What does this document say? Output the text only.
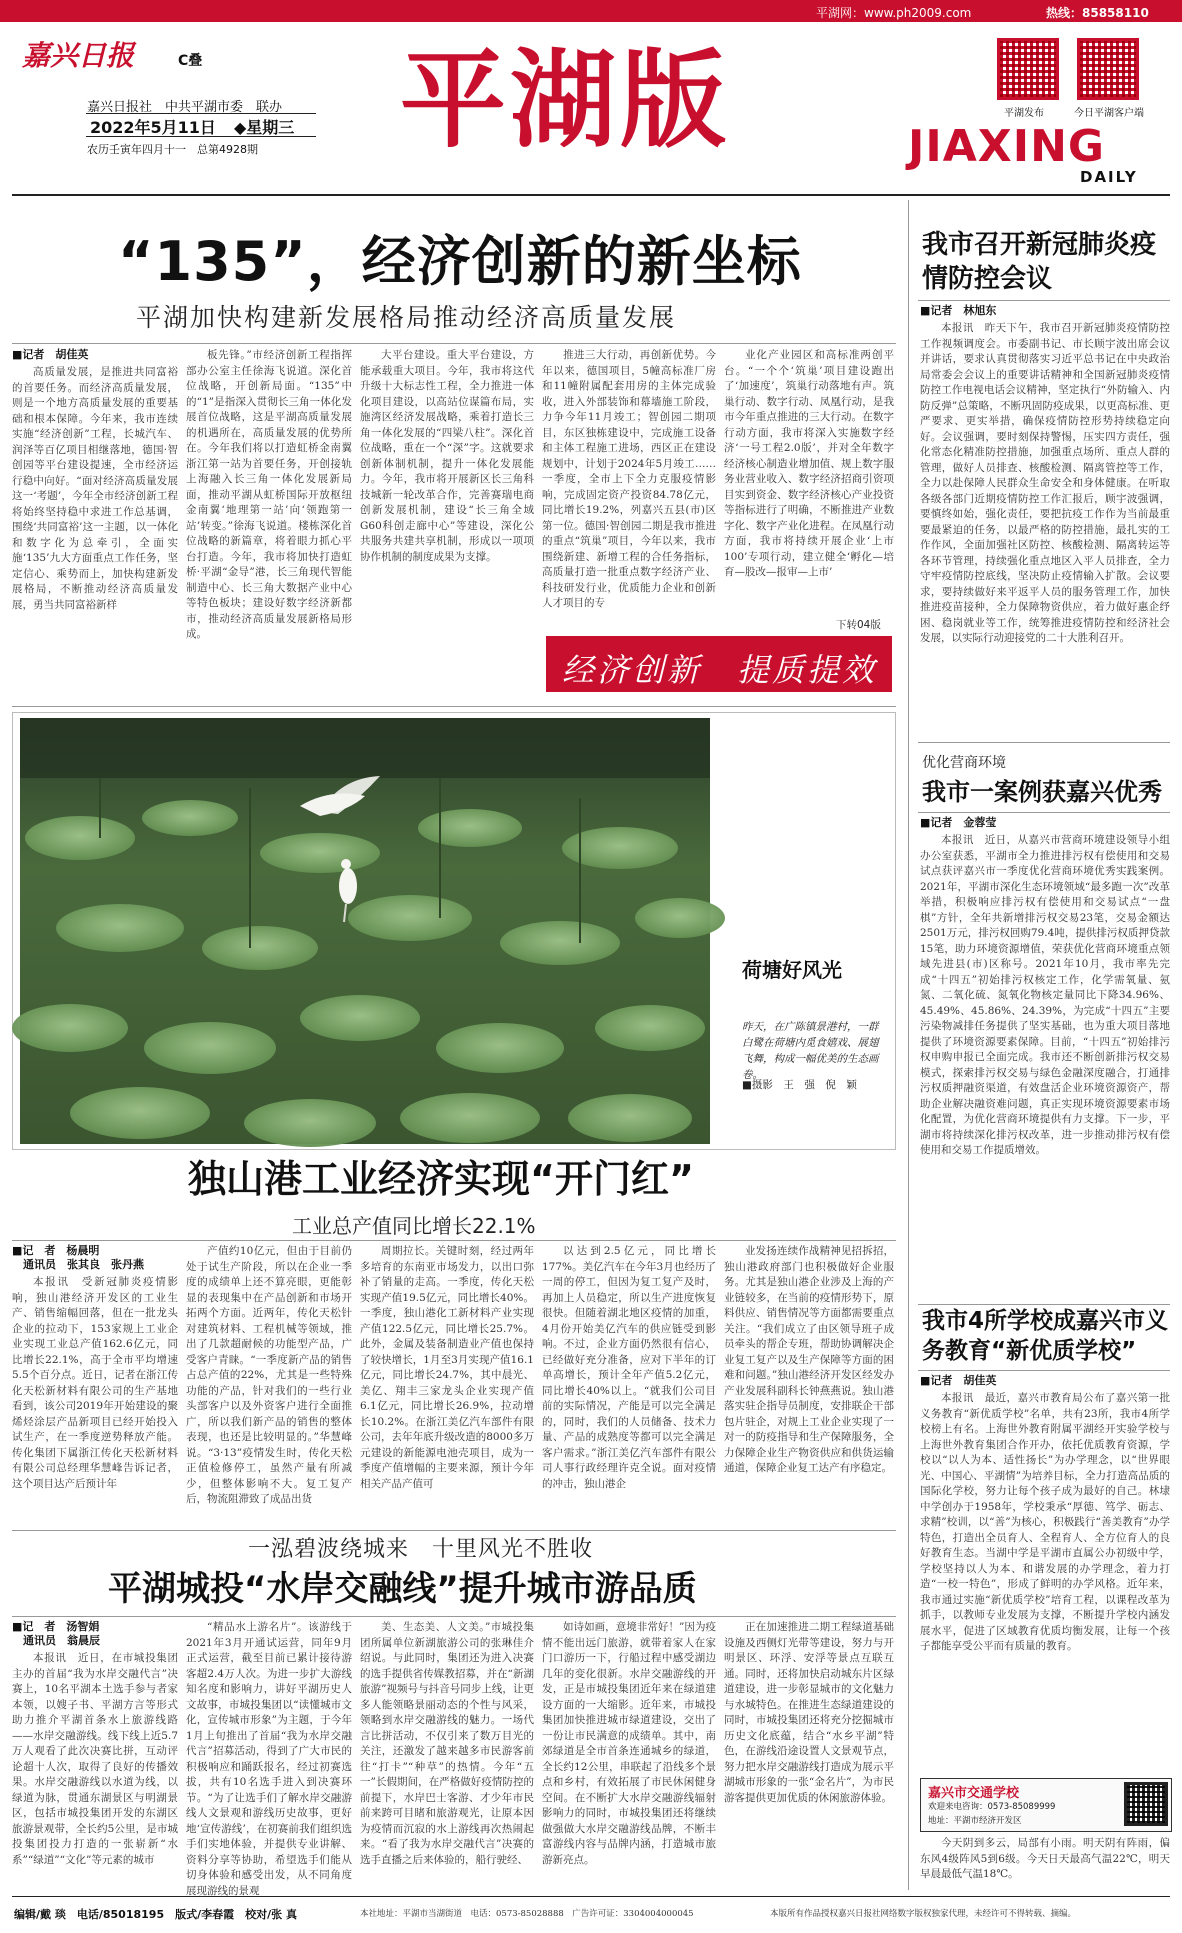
平湖网：www.ph2009.com	热线：85858110
嘉兴日报	C叠
嘉兴日报社　中共平湖市委　联办
2022年5月11日 ◆星期三
农历壬寅年四月十一　总第4928期 平湖版	平湖发布	今日平湖客户端
JIAXING
DAILY
“135”，经济创新的新坐标
平湖加快构建新发展格局推动经济高质量发展
■记者　胡佳英

高质量发展，是推进共同富裕的首要任务。而经济高质量发展，则是一个地方高质量发展的重要基础和根本保障。今年来，我市连续实施“经济创新”工程，长城汽车、润泽等百亿项目相继落地，德国·智创园等平台建设提速，全市经济运行稳中向好。“面对经济高质量发展这一‘考题’，今年全市经济创新工程将始终坚持稳中求进工作总基调，围绕‘共同富裕’这一主题，以一体化和数字化为总牵引，全面实施‘135’九大方面重点工作任务，坚定信心、乘势而上，加快构建新发展格局，不断推动经济高质量发展，勇当共同富裕新样

板先锋。”市经济创新工程指挥部办公室主任徐海飞说道。深化首位战略，开创新局面。“135”中的“1”是指深入贯彻长三角一体化发展首位战略，这是平湖高质量发展的机遇所在，高质量发展的优势所在。今年我们将以打造虹桥金南翼浙江第一站为首要任务，开创接轨上海融入长三角一体化发展新局面，推动平湖从虹桥国际开放枢纽金南翼‘地理第一站’向‘领跑第一站’转变。”徐海飞说道。楼栋深化首位战略的新篇章，将着眼力抓心平台打造。今年，我市将加快打造虹桥·平湖“金导”港，长三角现代智能制造中心、长三角大数据产业中心等特色板块；建设好数字经济新都市，推动经济高质量发展新格局形成。

大平台建设。重大平台建设，方能承载重大项目。今年，我市将这代升级十大标志性工程，全力推进一体化项目建设，以高站位谋篇布局，实施湾区经济发展战略，乘着打造长三角一体化发展的“四梁八柱”。深化首位战略，重在一个“深”字。这就要求创新体制机制，提升一体化发展能力。今年，我市将开展新区长三角科技城新一轮改革合作，完善赛瑞电商创新发展机制，建设“长三角全域G60科创走廊中心”等建设，深化公共服务共建共享机制，形成以一项项协作机制的制度成果为支撑。

推进三大行动，再创新优势。今年以来，德国项目，5幢高标准厂房和11幢附属配套用房的主体完成验收，进入外部装饰和幕墙施工阶段，力争今年11月竣工；智创园二期项目，东区独栋建设中，完成施工设备和主体工程施工进场，西区正在建设规划中，计划于2024年5月竣工……一季度，全市上下全力克服疫情影响，完成固定资产投资84.78亿元，同比增长19.2%，列嘉兴五县(市)区第一位。德国·智创园二期是我市推进的重点“筑巢”项目，今年以来，我市围绕新建、新增工程的合任务指标，高质量打造一批重点数字经济产业、科技研发行业，优质能力企业和创新人才项目的专

业化产业园区和高标准两创平台。“一个个‘筑巢’项目建设跑出了‘加速度’，筑巢行动落地有声。筑巢行动、数字行动、凤凰行动，是我市今年重点推进的三大行动。在数字行动方面，我市将深入实施数字经济‘一号工程2.0版’，并对全年数字经济核心制造业增加值、规上数字服务业营业收入、数字经济招商引资项目实到资金、数字经济核心产业投资等指标进行了明确，不断推进产业数字化、数字产业化进程。在凤凰行动方面，我市将持续开展企业‘上市100’专项行动，建立健全‘孵化—培育—股改—报审—上市’

下转04版
经济创新　提质提效
荷塘好风光
昨天，在广陈镇景港村，一群白鹭在荷塘内觅食嬉戏、展翅飞舞，构成一幅优美的生态画卷。
■摄影　王　强　倪　颖
独山港工业经济实现“开门红”
工业总产值同比增长22.1%
■记　者　杨晨明
　通讯员　张其良　张丹燕

本报讯　受新冠肺炎疫情影响，独山港经济开发区的工业生产、销售缩幅回落，但在一批龙头企业的拉动下，153家规上工业企业实现工业总产值162.6亿元，同比增长22.1%，高于全市平均增速5.5个百分点。近日，记者在浙江传化天松新材料有限公司的生产基地看到，该公司2019年开始建设的聚烯烃涂层产品新项目已经开始投入试生产，在一季度逆势释放产能。传化集团下属浙江传化天松新材料有限公司总经理华慧峰告诉记者，这个项目达产后预计年

产值约10亿元，但由于目前仍处于试生产阶段，所以在企业一季度的成绩单上还不算亮眼，更能彰显的表现集中在产品创新和市场开拓两个方面。近两年，传化天松针对建筑材料、工程机械等领域，推出了几款超耐候的功能型产品，广受客户青睐。“一季度新产品的销售占总产值的22%，尤其是一些特殊功能的产品，针对我们的一些行业头部客户以及外资客户进行全面推广，所以我们新产品的销售的整体表现，也还是比较明显的。”华慧峰说。“3·13”疫情发生时，传化天松正值检修停工，虽然产量有所减少，但整体影响不大。复工复产后，物流阻滞致了成品出货

周期拉长。关键时刻，经过两年多培育的东南亚市场发力，以出口弥补了销量的走高。一季度，传化天松实现产值19.5亿元，同比增长40%。一季度，独山港化工新材料产业实现产值122.5亿元，同比增长25.7%。此外，金属及装备制造业产值也保持了较快增长，1月至3月实现产值16.1亿元，同比增长24.7%，其中晨光、美亿、翔丰三家龙头企业实现产值6.1亿元，同比增长26.9%，拉动增长10.2%。在浙江美亿汽车部件有限公司，去年年底升级改造的8000多万元建设的新能源电池壳项目，成为一季度产值增幅的主要来源，预计今年相关产品产值可

以达到2.5亿元，同比增长177%。美亿汽车在今年3月也经历了一周的停工，但因为复工复产及时，再加上人员稳定，所以生产进度恢复很快。但随着湖北地区疫情的加重，4月份开始美亿汽车的供应链受到影响。不过，企业方面仍然很有信心，已经做好充分准备，应对下半年的订单高增长，预计全年产值5.2亿元，同比增长40%以上。“就我们公司目前的实际情况，产能是可以完全满足的，同时，我们的人员储备、技术力量、产品的成熟度等都可以完全满足客户需求。”浙江美亿汽车部件有限公司人事行政经理许克全说。面对疫情的冲击，独山港企

业发扬连续作战精神见招拆招，独山港政府部门也积极做好企业服务。尤其是独山港企业涉及上海的产业链较多，在当前的疫情形势下，原料供应、销售情况等方面都需要重点关注。“我们成立了由区领导班子成员牵头的帮企专班，帮助协调解决企业复工复产以及生产保障等方面的困难和问题。”独山港经济开发区经发办产业发展科副科长钟燕燕说。独山港落实驻企指导员制度，安排联企干部包片驻企，对规上工业企业实现了一对一的防疫指导和生产保障服务，全力保障企业生产物资供应和供货运输通道，保障企业复工达产有序稳定。

一泓碧波绕城来　十里风光不胜收
平湖城投“水岸交融线”提升城市游品质
■记　者　汤智娟
　通讯员　翁晨辰

本报讯　近日，在市城投集团主办的首届“我为水岸交融代言”决赛上，10名平湖本土选手参与者家本领，以嫂子书、平湖方言等形式助力推介平湖首条水上旅游线路——水岸交融游线。线下线上近5.7万人观看了此次决赛比拼，互动评论超十人次，取得了良好的传播效果。水岸交融游线以水道为线，以绿道为脉，贯通东湖景区与明湖景区，包括市城投集团开发的东湖区旅游景观带，全长约5公里，是市城投集团投力打造的一张崭新“水系”“绿道”“文化”等元素的城市

“精品水上游名片”。该游线于2021年3月开通试运营，同年9月正式运营，截至目前已累计接待游客超2.4万人次。为进一步扩大游线知名度和影响力，讲好平湖历史人文故事，市城投集团以“读懂城市文化，宣传城市形象”为主题，于今年1月上旬推出了首届“我为水岸交融代言”招募活动，得到了广大市民的积极响应和踊跃报名，经过初赛选拔，共有10名选手进入到决赛环节。“为了让选手们了解水岸交融游线人文景观和游线历史故事，更好地‘宣传游线’，在初赛前我们组织选手们实地体验，并提供专业讲解、资料分享等协助，希望选手们能从切身体验和感受出发，从不同角度展现游线的景观

美、生态美、人文美。”市城投集团所属单位新湖旅游公司的张琳佳介绍说。与此同时，集团还为进入决赛的选手提供省传媒教招募，并在“新湖旅游”视频号与抖音号同步上线，让更多人能领略景丽动态的个性与风采，领略到水岸交融游线的魅力。一场代言比拼活动，不仅引来了数万目光的关注，还激发了越来越多市民游客前往“打卡”“种草”的热情。今年“五一”长假期间，在严格做好疫情防控的前提下，水岸巴士客游、才少年市民前来跨可目睹和旅游观光，让原本因为疫情而沉寂的水上游线再次热闹起来。“看了我为水岸交融代言”决赛的选手直播之后来体验的，船行驶经、

如诗如画，意境非常好！”因为疫情不能出远门旅游，就带着家人在家门口游历一下，行船过程中感受湖边几年的变化很新。水岸交融游线的开发，正是市城投集团近年来在绿道建设方面的一大缩影。近年来，市城投集团加快推进城市绿道建设，交出了一份让市民满意的成绩单。其中，南郊绿道是全市首条连通城乡的绿道，全长约12公里，串联起了沿线多个景点和乡村，有效拓展了市民休闲健身空间。在不断扩大水岸交融游线辐射影响力的同时，市城投集团还将继续做强做大水岸交融游线品牌，不断丰富游线内容与品牌内涵，打造城市旅游新亮点。

正在加速推进二期工程绿道基础设施及西侧灯光带等建设，努力与开明景区、环浮、安浮等景点互联互通。同时，还将加快启动城东片区绿道建设，进一步彰显城市的文化魅力与水城特色。在推进生态绿道建设的同时，市城投集团还将充分挖掘城市历史文化底蕴，结合“水乡平湖”特色，在游线沿途设置人文景观节点，努力把水岸交融游线打造成为展示平湖城市形象的一张“金名片”，为市民游客提供更加优质的休闲旅游体验。

我市召开新冠肺炎疫情防控会议
■记者　林旭东

本报讯　昨天下午，我市召开新冠肺炎疫情防控工作视频调度会。市委副书记、市长顾宇波出席会议并讲话，要求认真贯彻落实习近平总书记在中央政治局常委会会议上的重要讲话精神和全国新冠肺炎疫情防控工作电视电话会议精神，坚定执行“外防输入、内防反弹”总策略，不断巩固防疫成果，以更高标准、更严要求、更实举措，确保疫情防控形势持续稳定向好。会议强调，要时刻保持警惕，压实四方责任，强化常态化精准防控措施，加强重点场所、重点人群的管理，做好人员排查、核酸检测、隔离管控等工作，全力以赴保障人民群众生命安全和身体健康。在听取各级各部门近期疫情防控工作汇报后，顾宇波强调，要慎终如始，强化责任，要把抗疫工作作为当前最重要最紧迫的任务，以最严格的防控措施，最扎实的工作作风，全面加强社区防控、核酸检测、隔离转运等各环节管理，持续强化重点地区入平人员排查，全力守牢疫情防控底线，坚决防止疫情输入扩散。会议要求，要持续做好来平返平人员的服务管理工作，加快推进疫苗接种，全力保障物资供应，着力做好惠企纾困、稳岗就业等工作，统筹推进疫情防控和经济社会发展，以实际行动迎接党的二十大胜利召开。

优化营商环境
我市一案例获嘉兴优秀
■记者　金蓉莹

本报讯　近日，从嘉兴市营商环境建设领导小组办公室获悉，平湖市全力推进排污权有偿使用和交易试点获评嘉兴市一季度优化营商环境优秀实践案例。2021年，平湖市深化生态环境领域“最多跑一次”改革举措，积极响应排污权有偿使用和交易试点“一盘棋”方针，全年共新增排污权交易23笔，交易金额达2501万元，排污权回购79.4吨，提供排污权质押贷款15笔，助力环境资源增值，荣获优化营商环境重点领域先进县(市)区称号。2021年10月，我市率先完成“十四五”初始排污权核定工作，化学需氧量、氨氮、二氧化硫、氮氧化物核定量同比下降34.96%、45.49%、45.86%、24.39%，为完成“十四五”主要污染物减排任务提供了坚实基础，也为重大项目落地提供了环境资源要素保障。目前，“十四五”初始排污权申购申报已全面完成。我市还不断创新排污权交易模式，探索排污权交易与绿色金融深度融合，打通排污权质押融资渠道，有效盘活企业环境资源资产，帮助企业解决融资难问题，真正实现环境资源要素市场化配置，为优化营商环境提供有力支撑。下一步，平湖市将持续深化排污权改革，进一步推动排污权有偿使用和交易工作提质增效。

我市4所学校成嘉兴市义务教育“新优质学校”
■记者　胡佳英

本报讯　最近，嘉兴市教育局公布了嘉兴第一批义务教育“新优质学校”名单，共有23所，我市4所学校榜上有名。上海世外教育附属平湖经开实验学校与上海世外教育集团合作开办，依托优质教育资源，学校以“以人为本、适性扬长”为办学理念，以“世界眼光、中国心、平湖情”为培养目标，全力打造高品质的国际化学校，努力让每个孩子成为最好的自己。林埭中学创办于1958年，学校秉承“厚德、笃学、砺志、求精”校训，以“善”为核心，积极践行“善美教育”办学特色，打造出全员育人、全程育人、全方位育人的良好教育生态。当湖中学是平湖市直属公办初级中学，学校坚持以人为本、和谐发展的办学理念，着力打造“一校一特色”，形成了鲜明的办学风格。近年来，我市通过实施“新优质学校”培育工程，以课程改革为抓手，以教师专业发展为支撑，不断提升学校内涵发展水平，促进了区域教育优质均衡发展，让每一个孩子都能享受公平而有质量的教育。

嘉兴市交通学校
欢迎来电咨询：0573-85089999
地址：平湖市经济开发区

今天阴到多云，局部有小雨。明天阴有阵雨，偏东风4级阵风5到6级。今天日天最高气温22℃，明天早晨最低气温18℃。

编辑/戴 琰　电话/85018195　版式/李春霞　校对/张 真	本社地址：平湖市当湖街道　电话：0573-85028888　广告许可证：3304004000045	本版所有作品授权嘉兴日报社网络数字版权独家代理，未经许可不得转载、摘编。
